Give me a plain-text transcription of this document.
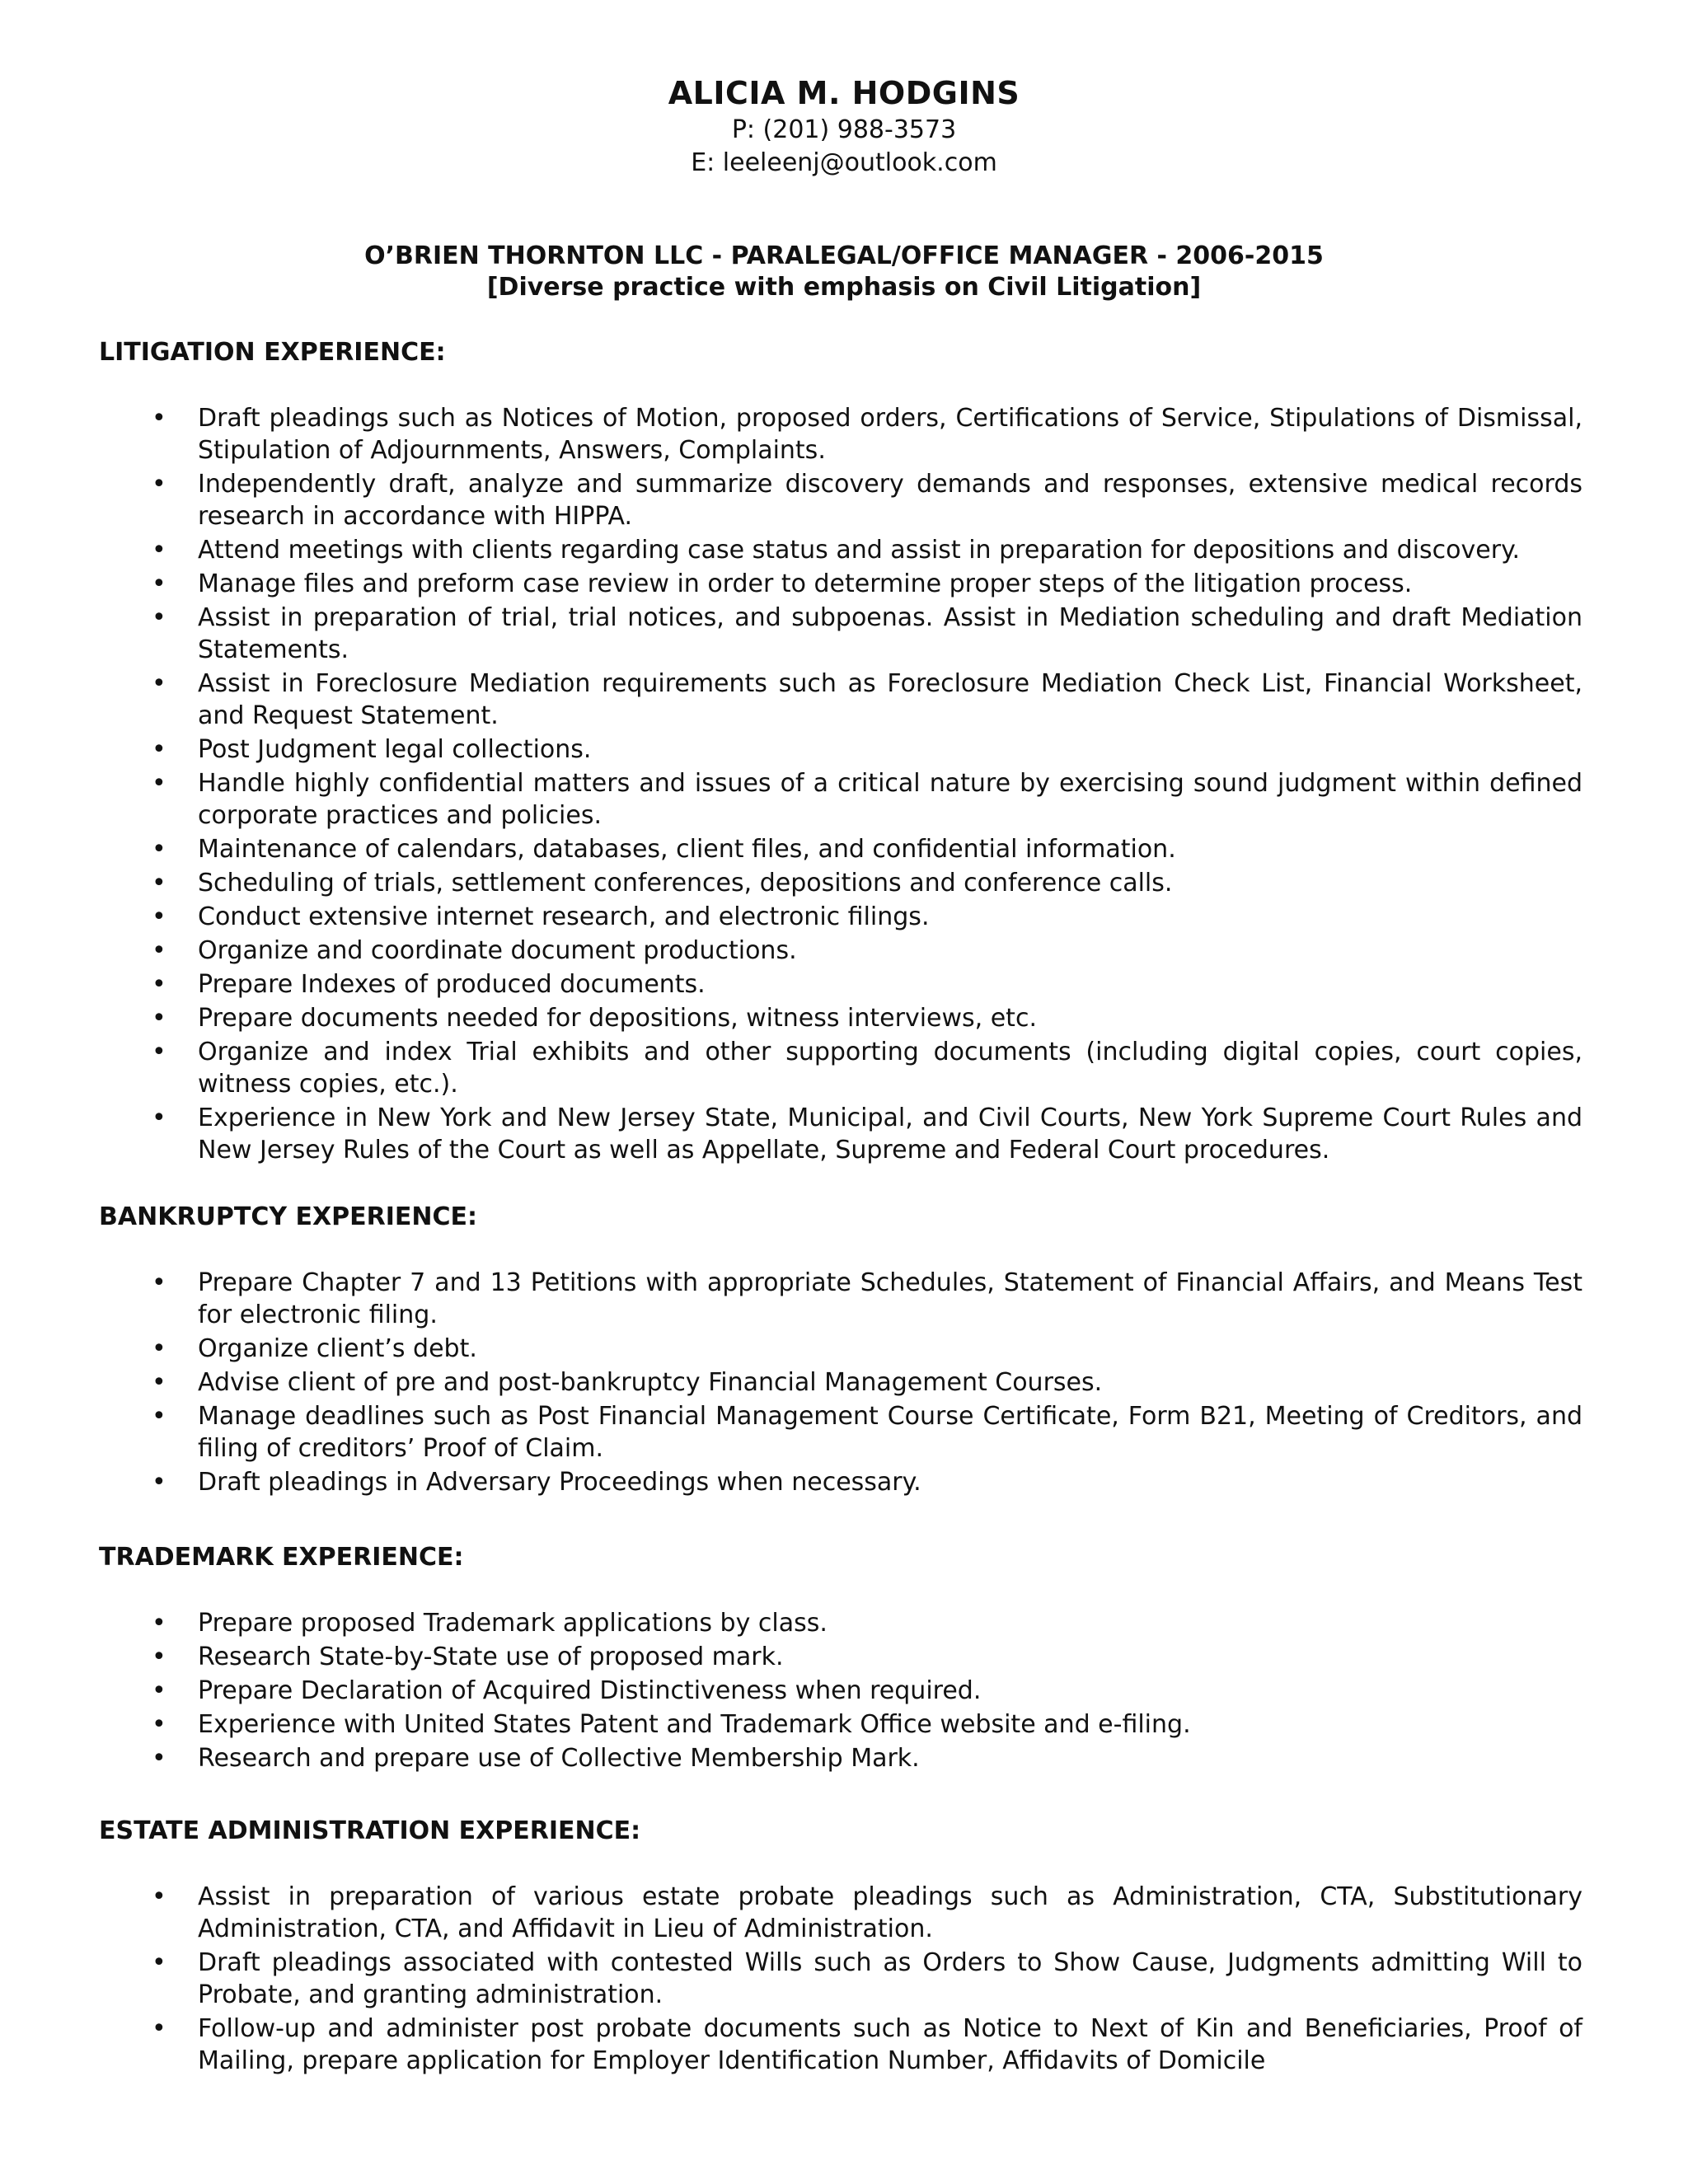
ALICIA M. HODGINS
P: (201) 988-3573
E: leeleenj@outlook.com
O’BRIEN THORNTON LLC - PARALEGAL/OFFICE MANAGER - 2006-2015
[Diverse practice with emphasis on Civil Litigation]
LITIGATION EXPERIENCE:
• Draft pleadings such as Notices of Motion, proposed orders, Certifications of Service, Stipulations of Dismissal, Stipulation of Adjournments, Answers, Complaints.
• Independently draft, analyze and summarize discovery demands and responses, extensive medical records research in accordance with HIPPA.
• Attend meetings with clients regarding case status and assist in preparation for depositions and discovery.
• Manage files and preform case review in order to determine proper steps of the litigation process.
• Assist in preparation of trial, trial notices, and subpoenas. Assist in Mediation scheduling and draft Mediation Statements.
• Assist in Foreclosure Mediation requirements such as Foreclosure Mediation Check List, Financial Worksheet, and Request Statement.
• Post Judgment legal collections.
• Handle highly confidential matters and issues of a critical nature by exercising sound judgment within defined corporate practices and policies.
• Maintenance of calendars, databases, client files, and confidential information.
• Scheduling of trials, settlement conferences, depositions and conference calls.
• Conduct extensive internet research, and electronic filings.
• Organize and coordinate document productions.
• Prepare Indexes of produced documents.
• Prepare documents needed for depositions, witness interviews, etc.
• Organize and index Trial exhibits and other supporting documents (including digital copies, court copies, witness copies, etc.).
• Experience in New York and New Jersey State, Municipal, and Civil Courts, New York Supreme Court Rules and New Jersey Rules of the Court as well as Appellate, Supreme and Federal Court procedures.
BANKRUPTCY EXPERIENCE:
• Prepare Chapter 7 and 13 Petitions with appropriate Schedules, Statement of Financial Affairs, and Means Test for electronic filing.
• Organize client’s debt.
• Advise client of pre and post-bankruptcy Financial Management Courses.
• Manage deadlines such as Post Financial Management Course Certificate, Form B21, Meeting of Creditors, and filing of creditors’ Proof of Claim.
• Draft pleadings in Adversary Proceedings when necessary.
TRADEMARK EXPERIENCE:
• Prepare proposed Trademark applications by class.
• Research State-by-State use of proposed mark.
• Prepare Declaration of Acquired Distinctiveness when required.
• Experience with United States Patent and Trademark Office website and e-filing.
• Research and prepare use of Collective Membership Mark.
ESTATE ADMINISTRATION EXPERIENCE:
• Assist in preparation of various estate probate pleadings such as Administration, CTA, Substitutionary Administration, CTA, and Affidavit in Lieu of Administration.
• Draft pleadings associated with contested Wills such as Orders to Show Cause, Judgments admitting Will to Probate, and granting administration.
• Follow-up and administer post probate documents such as Notice to Next of Kin and Beneficiaries, Proof of Mailing, prepare application for Employer Identification Number, Affidavits of Domicile
